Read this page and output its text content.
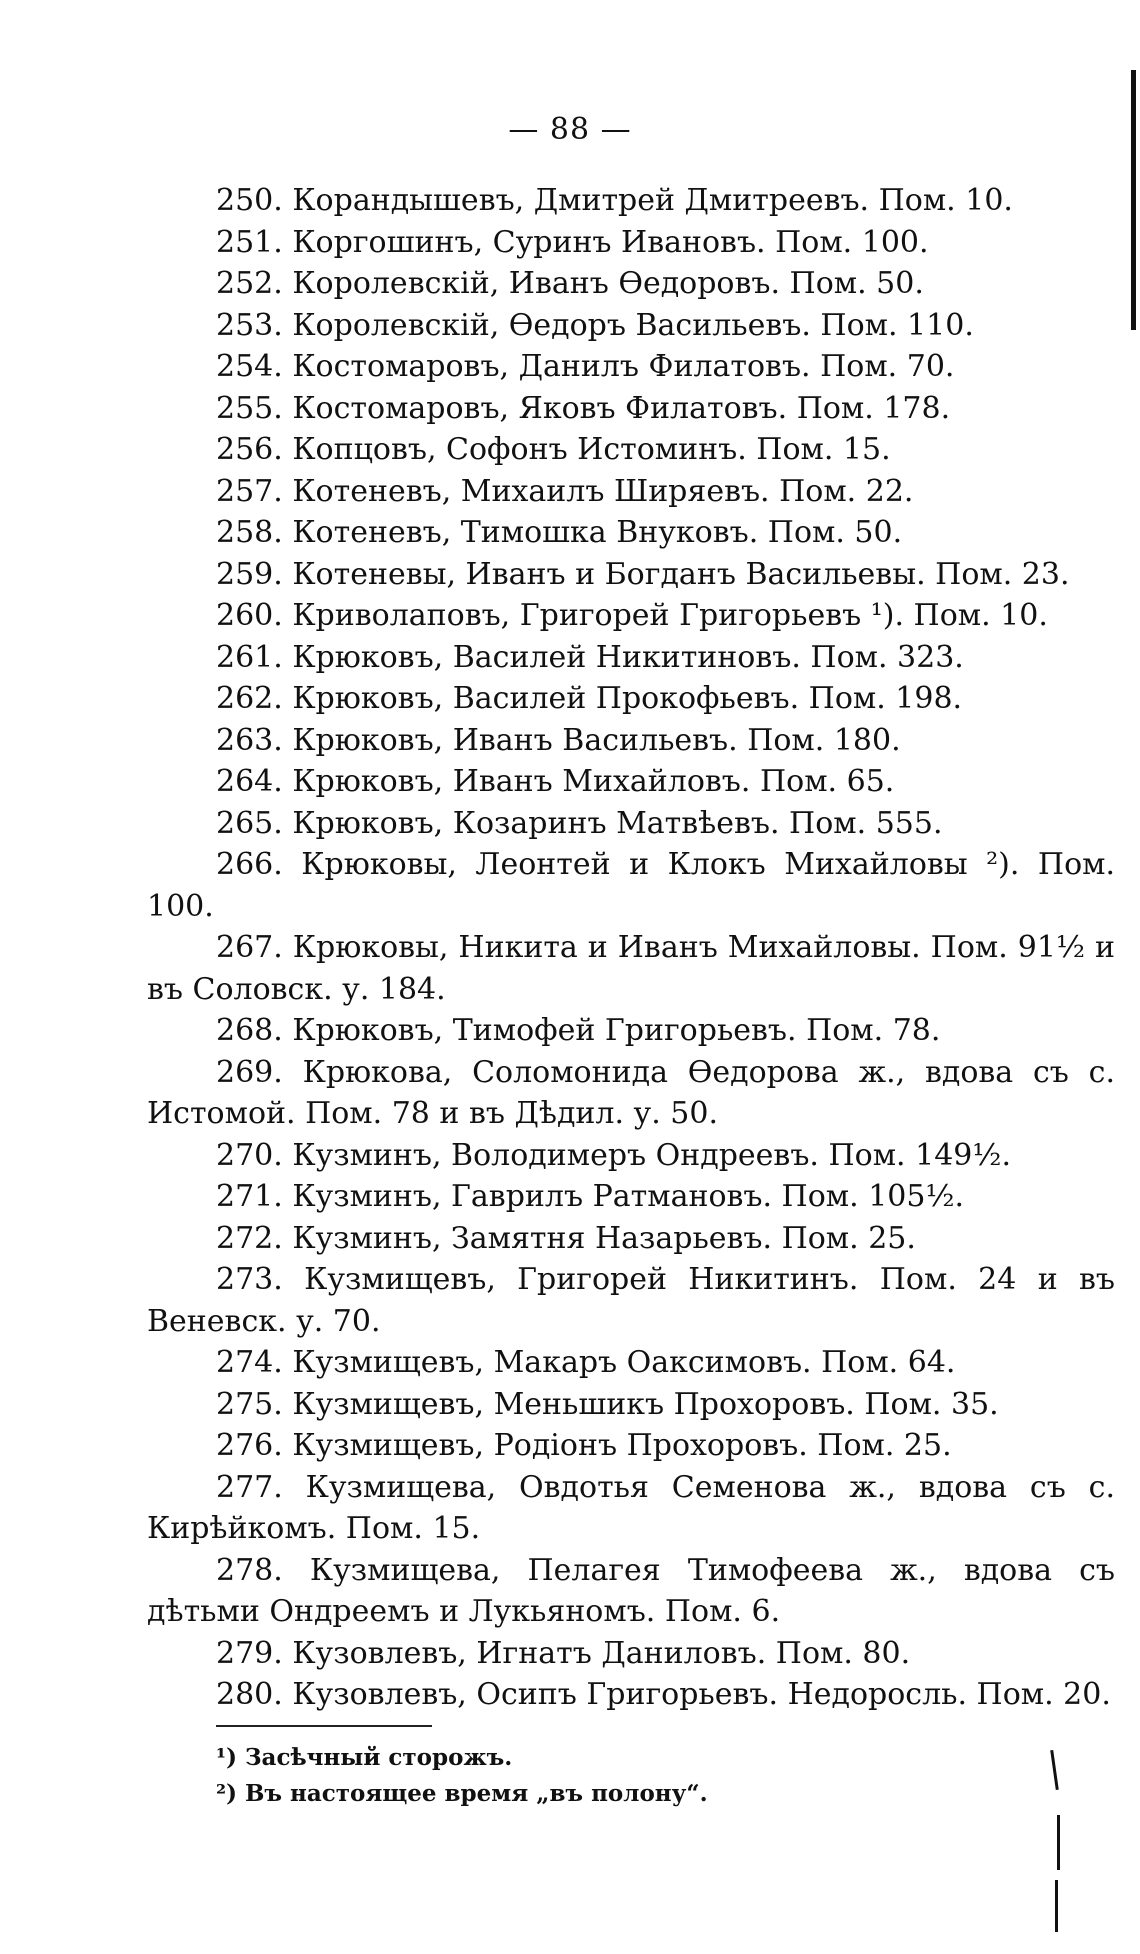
— 88 —

250. Корандышевъ, Дмитрей Дмитреевъ. Пом. 10.

251. Коргошинъ, Суринъ Ивановъ. Пом. 100.

252. Королевскій, Иванъ Өедоровъ. Пом. 50.

253. Королевскій, Өедоръ Васильевъ. Пом. 110.

254. Костомаровъ, Данилъ Филатовъ. Пом. 70.

255. Костомаровъ, Яковъ Филатовъ. Пом. 178.

256. Копцовъ, Софонъ Истоминъ. Пом. 15.

257. Котеневъ, Михаилъ Ширяевъ. Пом. 22.

258. Котеневъ, Тимошка Внуковъ. Пом. 50.

259. Котеневы, Иванъ и Богданъ Васильевы. Пом. 23.

260. Криволаповъ, Григорей Григорьевъ ¹). Пом. 10.

261. Крюковъ, Василей Никитиновъ. Пом. 323.

262. Крюковъ, Василей Прокофьевъ. Пом. 198.

263. Крюковъ, Иванъ Васильевъ. Пом. 180.

264. Крюковъ, Иванъ Михайловъ. Пом. 65.

265. Крюковъ, Козаринъ Матвѣевъ. Пом. 555.

266. Крюковы, Леонтей и Клокъ Михайловы ²). Пом. 100.

267. Крюковы, Никита и Иванъ Михайловы. Пом. 91½ и въ Соловск. у. 184.

268. Крюковъ, Тимофей Григорьевъ. Пом. 78.

269. Крюкова, Соломонида Өедорова ж., вдова съ с. Истомой. Пом. 78 и въ Дѣдил. у. 50.

270. Кузминъ, Володимеръ Ондреевъ. Пом. 149½.

271. Кузминъ, Гаврилъ Ратмановъ. Пом. 105½.

272. Кузминъ, Замятня Назарьевъ. Пом. 25.

273. Кузмищевъ, Григорей Никитинъ. Пом. 24 и въ Веневск. у. 70.

274. Кузмищевъ, Макаръ Оаксимовъ. Пом. 64.

275. Кузмищевъ, Меньшикъ Прохоровъ. Пом. 35.

276. Кузмищевъ, Родіонъ Прохоровъ. Пом. 25.

277. Кузмищева, Овдотья Семенова ж., вдова съ с. Кирѣйкомъ. Пом. 15.

278. Кузмищева, Пелагея Тимофеева ж., вдова съ дѣтьми Ондреемъ и Лукьяномъ. Пом. 6.

279. Кузовлевъ, Игнатъ Даниловъ. Пом. 80.

280. Кузовлевъ, Осипъ Григорьевъ. Недоросль. Пом. 20.

¹) Засѣчный сторожъ.
²) Въ настоящее время „въ полону“.
